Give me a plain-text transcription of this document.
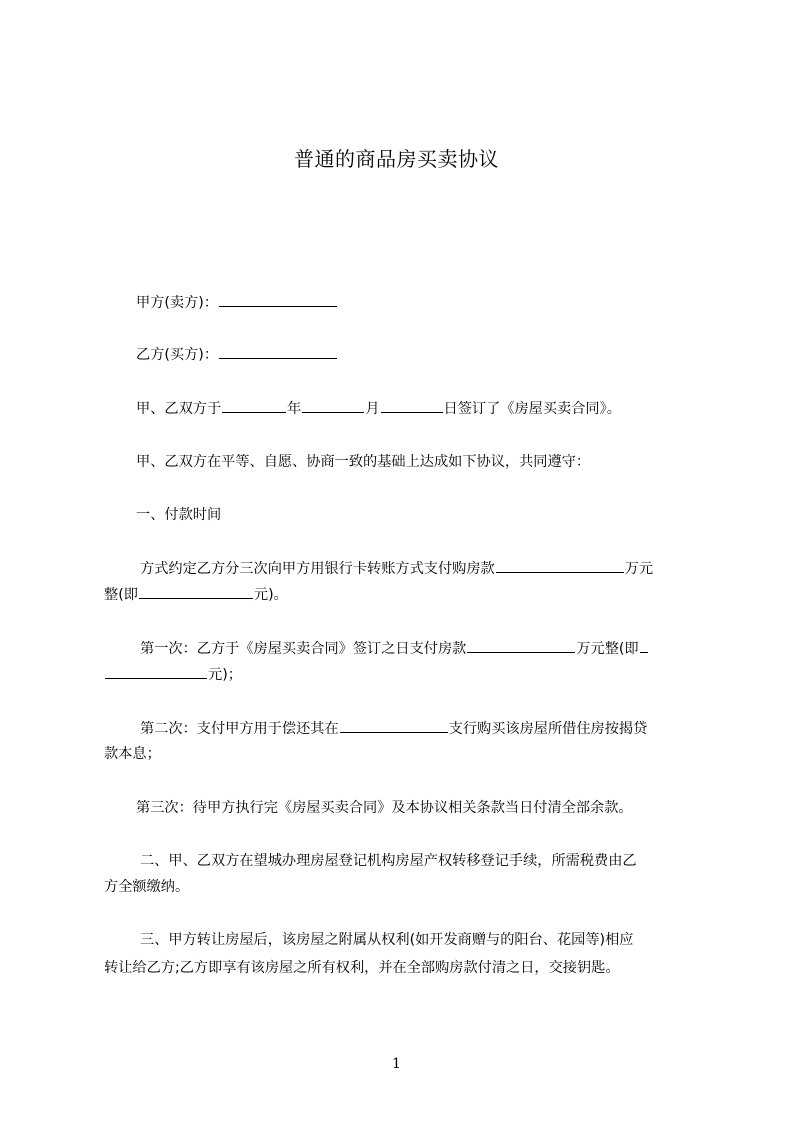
普通的商品房买卖协议
甲方(卖方)：
乙方(买方)：
甲、乙双方于	年	月	日签订了《房屋买卖合同》。
甲、乙双方在平等、自愿、协商一致的基础上达成如下协议，共同遵守：
一、付款时间
方式约定乙方分三次向甲方用银行卡转账方式支付购房款	万元
整(即	元)。
第一次：乙方于《房屋买卖合同》签订之日支付房款	万元整(即
元)；
第二次：支付甲方用于偿还其在	支行购买该房屋所借住房按揭贷
款本息；
第三次：待甲方执行完《房屋买卖合同》及本协议相关条款当日付清全部余款。
二、甲、乙双方在望城办理房屋登记机构房屋产权转移登记手续，所需税费由乙
方全额缴纳。
三、甲方转让房屋后，该房屋之附属从权利(如开发商赠与的阳台、花园等)相应
转让给乙方;乙方即享有该房屋之所有权利，并在全部购房款付清之日，交接钥匙。
1
